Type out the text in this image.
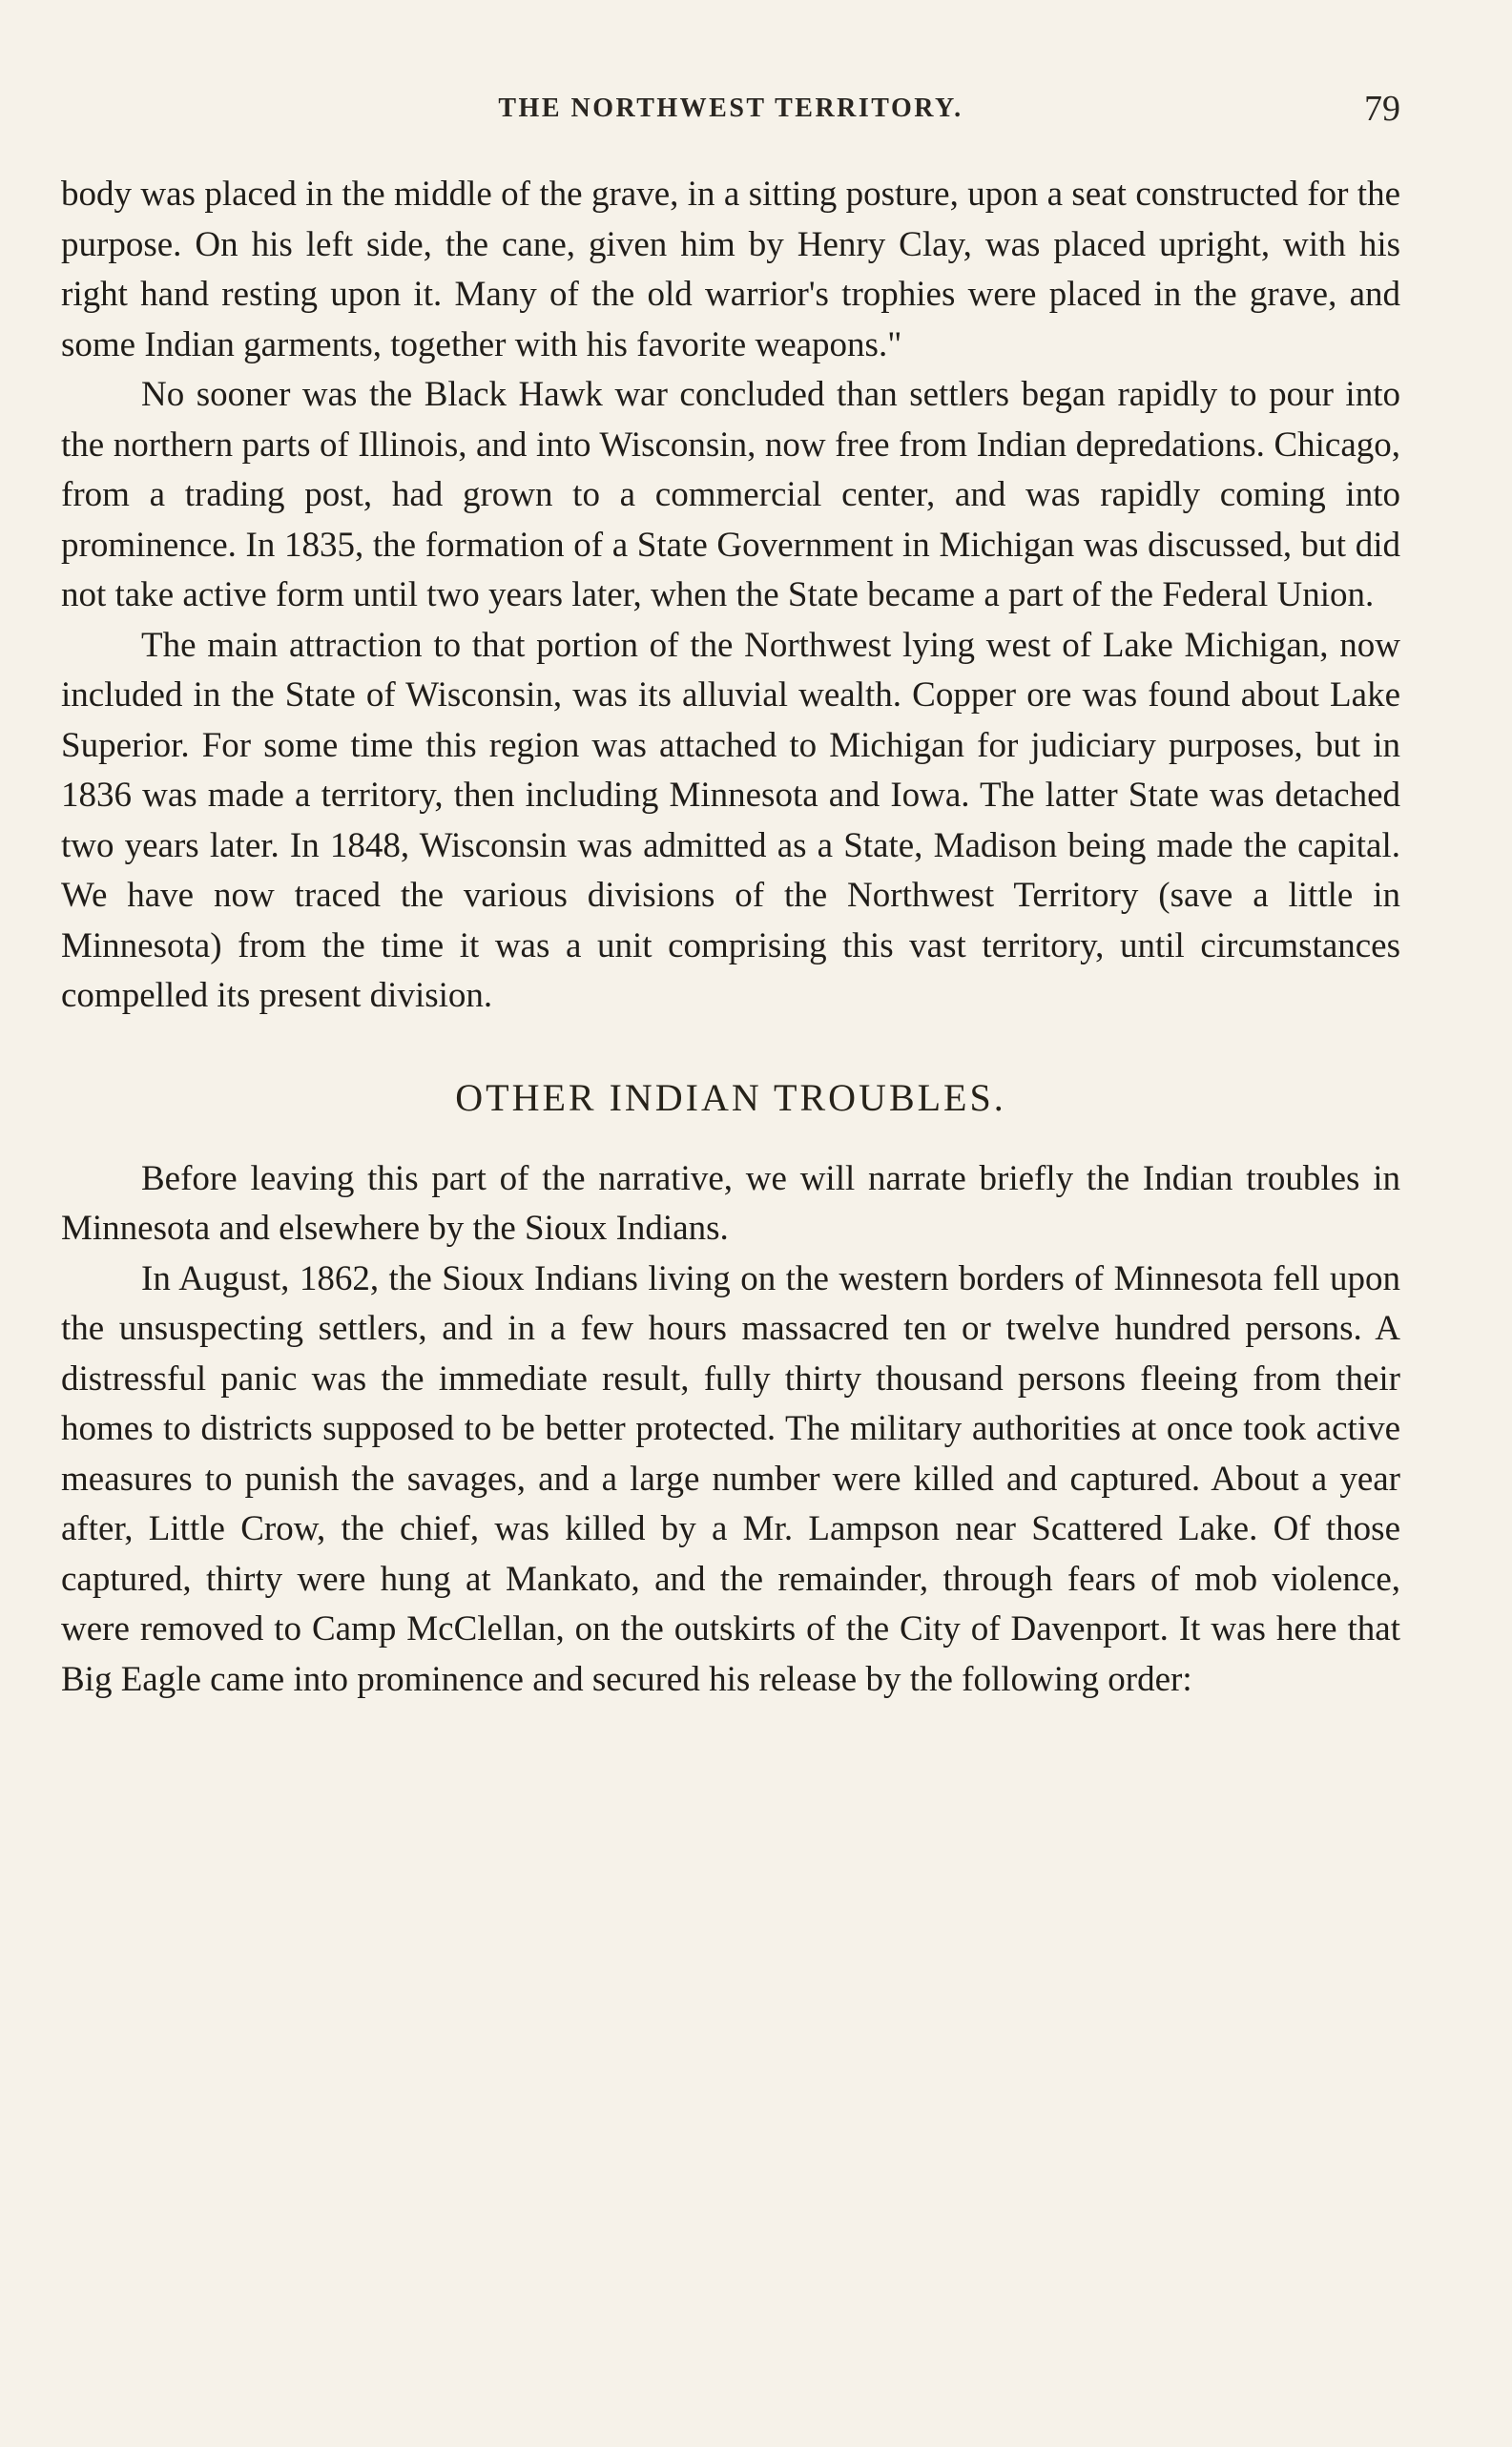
THE NORTHWEST TERRITORY.	79

body was placed in the middle of the grave, in a sitting posture, upon a seat constructed for the purpose. On his left side, the cane, given him by Henry Clay, was placed upright, with his right hand resting upon it. Many of the old warrior's trophies were placed in the grave, and some Indian garments, together with his favorite weapons."

No sooner was the Black Hawk war concluded than settlers began rapidly to pour into the northern parts of Illinois, and into Wisconsin, now free from Indian depredations. Chicago, from a trading post, had grown to a commercial center, and was rapidly coming into prominence. In 1835, the formation of a State Government in Michigan was discussed, but did not take active form until two years later, when the State became a part of the Federal Union.

The main attraction to that portion of the Northwest lying west of Lake Michigan, now included in the State of Wisconsin, was its alluvial wealth. Copper ore was found about Lake Superior. For some time this region was attached to Michigan for judiciary purposes, but in 1836 was made a territory, then including Minnesota and Iowa. The latter State was detached two years later. In 1848, Wisconsin was admitted as a State, Madison being made the capital. We have now traced the various divisions of the Northwest Territory (save a little in Minnesota) from the time it was a unit comprising this vast territory, until circumstances compelled its present division.

OTHER INDIAN TROUBLES.

Before leaving this part of the narrative, we will narrate briefly the Indian troubles in Minnesota and elsewhere by the Sioux Indians.

In August, 1862, the Sioux Indians living on the western borders of Minnesota fell upon the unsuspecting settlers, and in a few hours massacred ten or twelve hundred persons. A distressful panic was the immediate result, fully thirty thousand persons fleeing from their homes to districts supposed to be better protected. The military authorities at once took active measures to punish the savages, and a large number were killed and captured. About a year after, Little Crow, the chief, was killed by a Mr. Lampson near Scattered Lake. Of those captured, thirty were hung at Mankato, and the remainder, through fears of mob violence, were removed to Camp McClellan, on the outskirts of the City of Davenport. It was here that Big Eagle came into prominence and secured his release by the following order:
